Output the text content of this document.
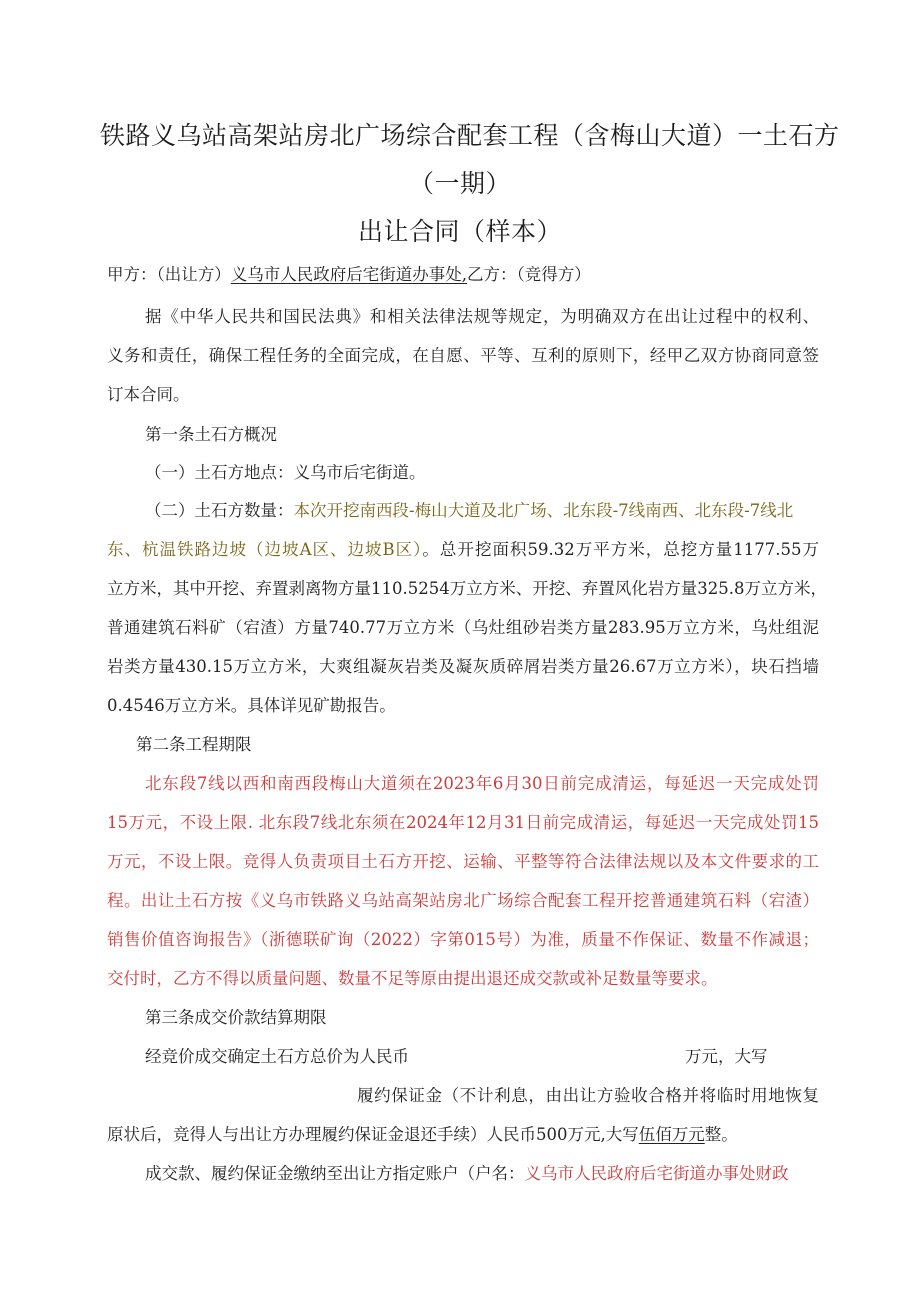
铁路义乌站高架站房北广场综合配套工程（含梅山大道）一土石方
（一期）
出让合同（样本）
甲方：（出让方）义乌市人民政府后宅街道办事处,乙方：（竞得方）
据《中华人民共和国民法典》和相关法律法规等规定，为明确双方在出让过程中的权利、
义务和责任，确保工程任务的全面完成，在自愿、平等、互利的原则下，经甲乙双方协商同意签
订本合同。
第一条土石方概况
（一）土石方地点：义乌市后宅街道。
（二）土石方数量：本次开挖南西段-梅山大道及北广场、北东段-7线南西、北东段-7线北
东、杭温铁路边坡（边坡A区、边坡B区）。总开挖面积59.32万平方米，总挖方量1177.55万
立方米，其中开挖、弃置剥离物方量110.5254万立方米、开挖、弃置风化岩方量325.8万立方米，
普通建筑石料矿（宕渣）方量740.77万立方米（乌灶组砂岩类方量283.95万立方米，乌灶组泥
岩类方量430.15万立方米，大爽组凝灰岩类及凝灰质碎屑岩类方量26.67万立方米），块石挡墙
0.4546万立方米。具体详见矿勘报告。
第二条工程期限
北东段7线以西和南西段梅山大道须在2023年6月30日前完成清运，每延迟一天完成处罚
15万元，不设上限. 北东段7线北东须在2024年12月31日前完成清运，每延迟一天完成处罚15
万元，不设上限。竞得人负责项目土石方开挖、运输、平整等符合法律法规以及本文件要求的工
程。出让土石方按《义乌市铁路义乌站高架站房北广场综合配套工程开挖普通建筑石料（宕渣）
销售价值咨询报告》（浙德联矿询（2022）字第015号）为准，质量不作保证、数量不作减退；
交付时，乙方不得以质量问题、数量不足等原由提出退还成交款或补足数量等要求。
第三条成交价款结算期限
经竞价成交确定土石方总价为人民币	万元，大写
履约保证金（不计利息，由出让方验收合格并将临时用地恢复
原状后，竞得人与出让方办理履约保证金退还手续）人民币500万元,大写伍佰万元整。
成交款、履约保证金缴纳至出让方指定账户（户名：义乌市人民政府后宅街道办事处财政
